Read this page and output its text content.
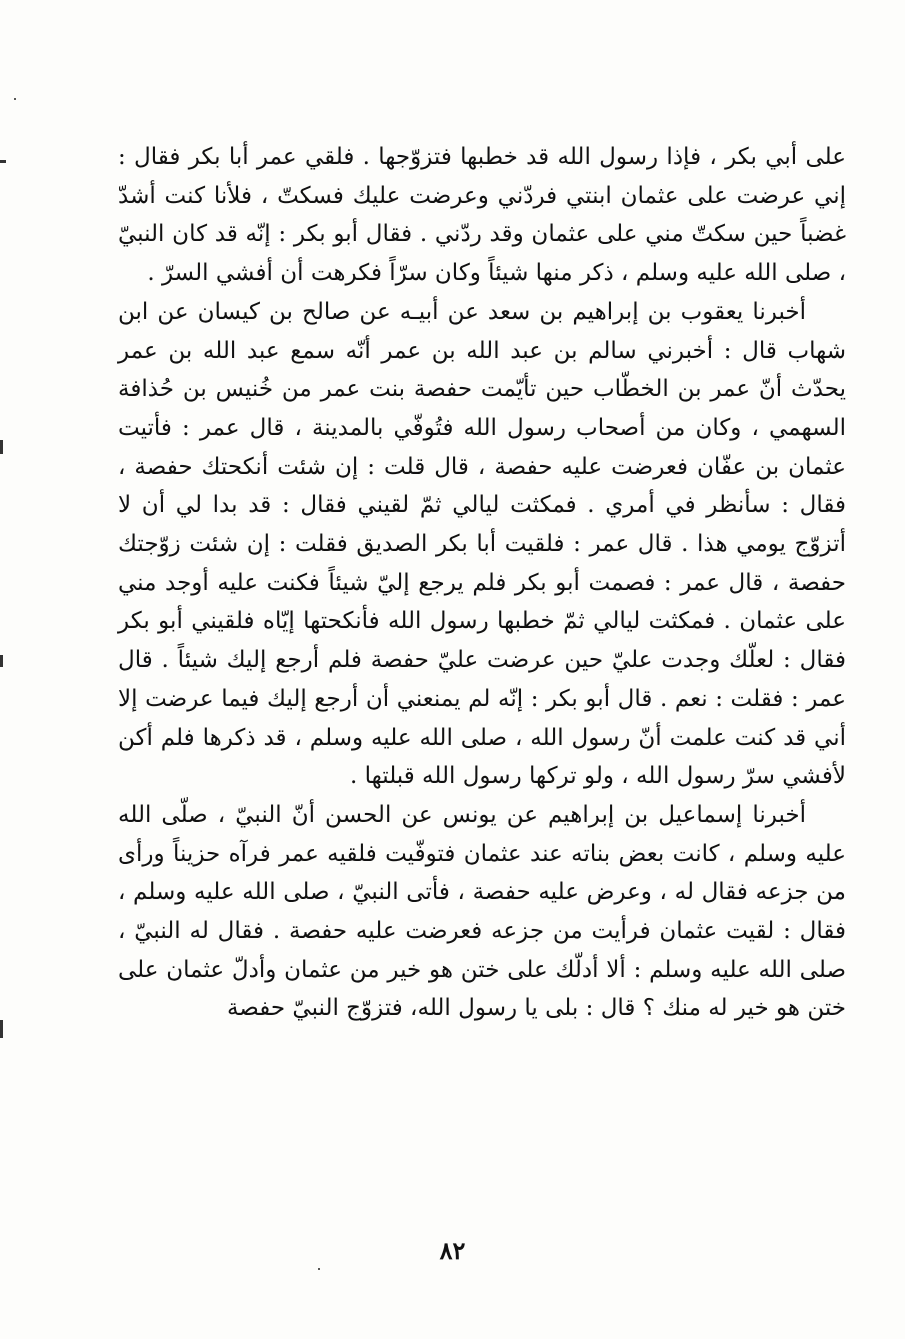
على أبي بكر ، فإذا رسول الله قد خطبها فتزوّجها . فلقي عمر أبا بكر فقال : إني عرضت على عثمان ابنتي فردّني وعرضت عليك فسكتّ ، فلأنا كنت أشدّ غضباً حين سكتّ مني على عثمان وقد ردّني . فقال أبو بكر : إنّه قد كان النبيّ ، صلى الله عليه وسلم ، ذكر منها شيئاً وكان سرّاً فكرهت أن أفشي السرّ .

أخبرنا يعقوب بن إبراهيم بن سعد عن أبيـه عن صالح بن كيسان عن ابن شهاب قال : أخبرني سالم بن عبد الله بن عمر أنّه سمع عبد الله بن عمر يحدّث أنّ عمر بن الخطّاب حين تأيّمت حفصة بنت عمر من خُنيس بن حُذافة السهمي ، وكان من أصحاب رسول الله فتُوفّي بالمدينة ، قال عمر : فأتيت عثمان بن عفّان فعرضت عليه حفصة ، قال قلت : إن شئت أنكحتك حفصة ، فقال : سأنظر في أمري . فمكثت ليالي ثمّ لقيني فقال : قد بدا لي أن لا أتزوّج يومي هذا . قال عمر : فلقيت أبا بكر الصديق فقلت : إن شئت زوّجتك حفصة ، قال عمر : فصمت أبو بكر فلم يرجع إليّ شيئاً فكنت عليه أوجد مني على عثمان . فمكثت ليالي ثمّ خطبها رسول الله فأنكحتها إيّاه فلقيني أبو بكر فقال : لعلّك وجدت عليّ حين عرضت عليّ حفصة فلم أرجع إليك شيئاً . قال عمر : فقلت : نعم . قال أبو بكر : إنّه لم يمنعني أن أرجع إليك فيما عرضت إلا أني قد كنت علمت أنّ رسول الله ، صلى الله عليه وسلم ، قد ذكرها فلم أكن لأفشي سرّ رسول الله ، ولو تركها رسول الله قبلتها .

أخبرنا إسماعيل بن إبراهيم عن يونس عن الحسن أنّ النبيّ ، صلّى الله عليه وسلم ، كانت بعض بناته عند عثمان فتوفّيت فلقيه عمر فرآه حزيناً ورأى من جزعه فقال له ، وعرض عليه حفصة ، فأتى النبيّ ، صلى الله عليه وسلم ، فقال : لقيت عثمان فرأيت من جزعه فعرضت عليه حفصة . فقال له النبيّ ، صلى الله عليه وسلم : ألا أدلّك على ختن هو خير من عثمان وأدلّ عثمان على ختن هو خير له منك ؟ قال : بلى يا رسول الله، فتزوّج النبيّ حفصة

٨٢
